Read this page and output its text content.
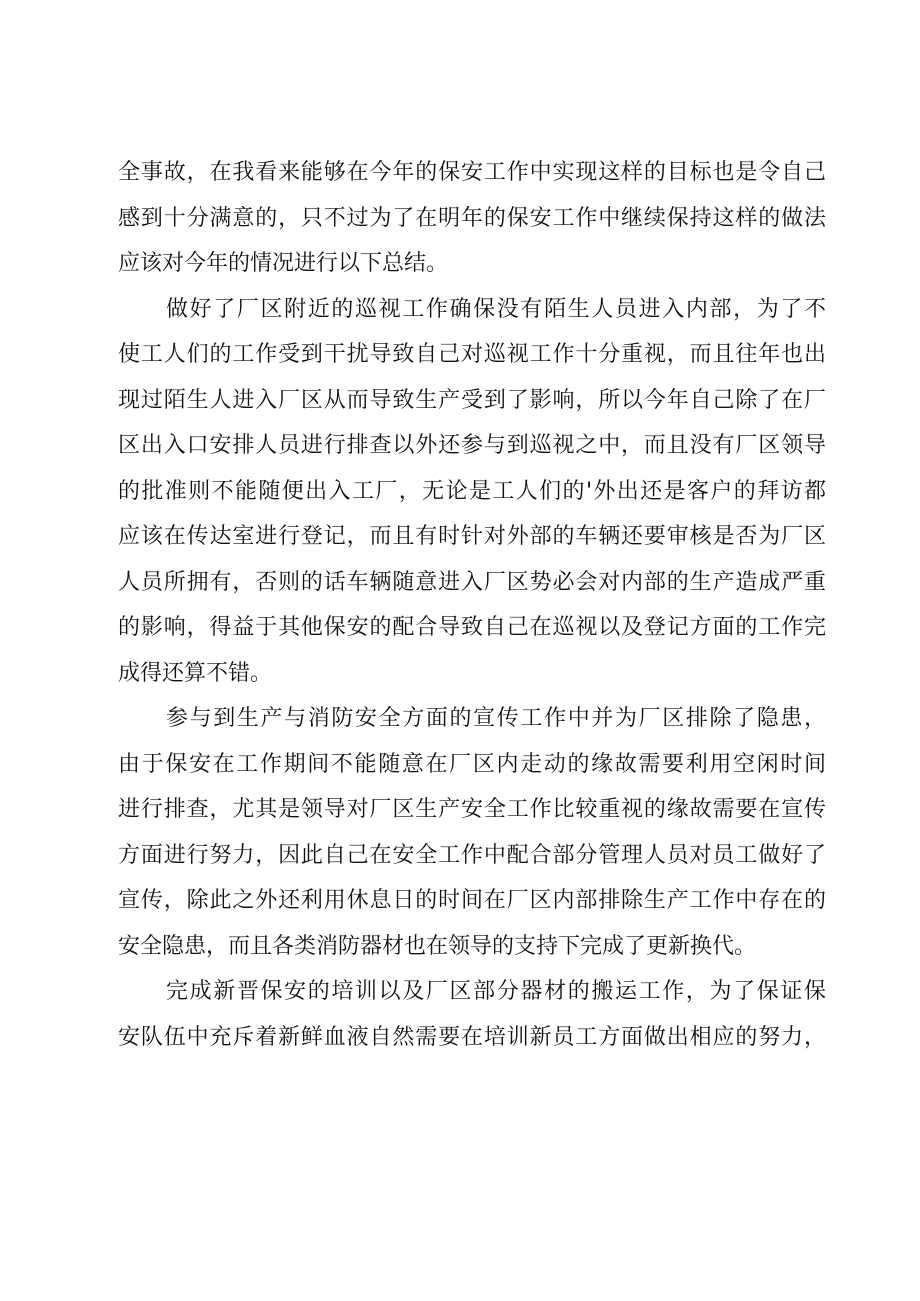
全事故，在我看来能够在今年的保安工作中实现这样的目标也是令自己
感到十分满意的，只不过为了在明年的保安工作中继续保持这样的做法
应该对今年的情况进行以下总结。
做好了厂区附近的巡视工作确保没有陌生人员进入内部，为了不
使工人们的工作受到干扰导致自己对巡视工作十分重视，而且往年也出
现过陌生人进入厂区从而导致生产受到了影响，所以今年自己除了在厂
区出入口安排人员进行排查以外还参与到巡视之中，而且没有厂区领导
的批准则不能随便出入工厂，无论是工人们的'外出还是客户的拜访都
应该在传达室进行登记，而且有时针对外部的车辆还要审核是否为厂区
人员所拥有，否则的话车辆随意进入厂区势必会对内部的生产造成严重
的影响，得益于其他保安的配合导致自己在巡视以及登记方面的工作完
成得还算不错。
参与到生产与消防安全方面的宣传工作中并为厂区排除了隐患，
由于保安在工作期间不能随意在厂区内走动的缘故需要利用空闲时间
进行排查，尤其是领导对厂区生产安全工作比较重视的缘故需要在宣传
方面进行努力，因此自己在安全工作中配合部分管理人员对员工做好了
宣传，除此之外还利用休息日的时间在厂区内部排除生产工作中存在的
安全隐患，而且各类消防器材也在领导的支持下完成了更新换代。
完成新晋保安的培训以及厂区部分器材的搬运工作，为了保证保
安队伍中充斥着新鲜血液自然需要在培训新员工方面做出相应的努力，
